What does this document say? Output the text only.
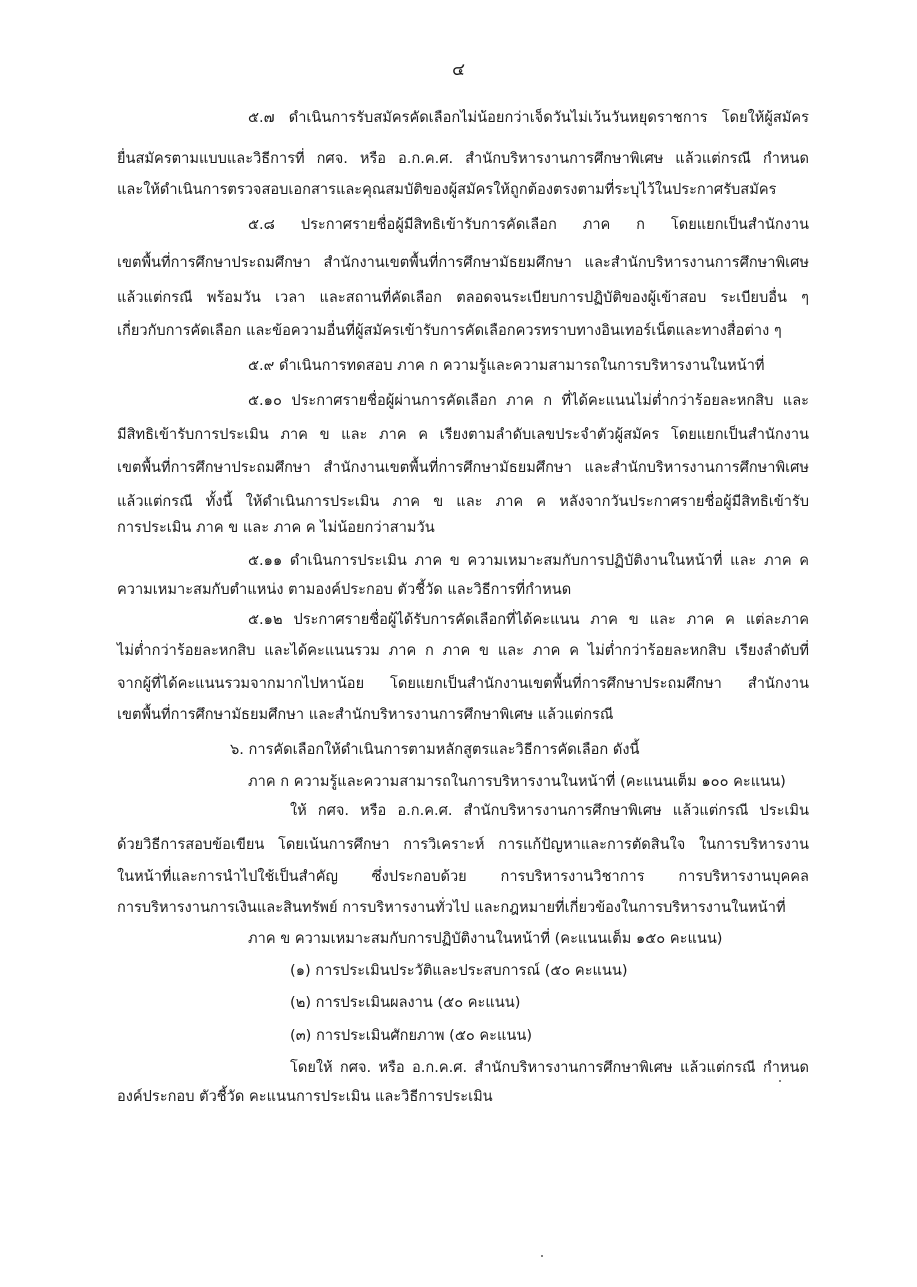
๔
๕.๗ ดำเนินการรับสมัครคัดเลือกไม่น้อยกว่าเจ็ดวันไม่เว้นวันหยุดราชการ โดยให้ผู้สมัคร
ยื่นสมัครตามแบบและวิธีการที่ กศจ. หรือ อ.ก.ค.ศ. สำนักบริหารงานการศึกษาพิเศษ แล้วแต่กรณี กำหนด
และให้ดำเนินการตรวจสอบเอกสารและคุณสมบัติของผู้สมัครให้ถูกต้องตรงตามที่ระบุไว้ในประกาศรับสมัคร
๕.๘ ประกาศรายชื่อผู้มีสิทธิเข้ารับการคัดเลือก ภาค ก โดยแยกเป็นสำนักงาน
เขตพื้นที่การศึกษาประถมศึกษา สำนักงานเขตพื้นที่การศึกษามัธยมศึกษา และสำนักบริหารงานการศึกษาพิเศษ
แล้วแต่กรณี พร้อมวัน เวลา และสถานที่คัดเลือก ตลอดจนระเบียบการปฏิบัติของผู้เข้าสอบ ระเบียบอื่น ๆ
เกี่ยวกับการคัดเลือก และข้อความอื่นที่ผู้สมัครเข้ารับการคัดเลือกควรทราบทางอินเทอร์เน็ตและทางสื่อต่าง ๆ
๕.๙ ดำเนินการทดสอบ ภาค ก ความรู้และความสามารถในการบริหารงานในหน้าที่
๕.๑๐ ประกาศรายชื่อผู้ผ่านการคัดเลือก ภาค ก ที่ได้คะแนนไม่ต่ำกว่าร้อยละหกสิบ และ
มีสิทธิเข้ารับการประเมิน ภาค ข และ ภาค ค เรียงตามลำดับเลขประจำตัวผู้สมัคร โดยแยกเป็นสำนักงาน
เขตพื้นที่การศึกษาประถมศึกษา สำนักงานเขตพื้นที่การศึกษามัธยมศึกษา และสำนักบริหารงานการศึกษาพิเศษ
แล้วแต่กรณี ทั้งนี้ ให้ดำเนินการประเมิน ภาค ข และ ภาค ค หลังจากวันประกาศรายชื่อผู้มีสิทธิเข้ารับ
การประเมิน ภาค ข และ ภาค ค ไม่น้อยกว่าสามวัน
๕.๑๑ ดำเนินการประเมิน ภาค ข ความเหมาะสมกับการปฏิบัติงานในหน้าที่ และ ภาค ค
ความเหมาะสมกับตำแหน่ง ตามองค์ประกอบ ตัวชี้วัด และวิธีการที่กำหนด
๕.๑๒ ประกาศรายชื่อผู้ได้รับการคัดเลือกที่ได้คะแนน ภาค ข และ ภาค ค แต่ละภาค
ไม่ต่ำกว่าร้อยละหกสิบ และได้คะแนนรวม ภาค ก ภาค ข และ ภาค ค ไม่ต่ำกว่าร้อยละหกสิบ เรียงลำดับที่
จากผู้ที่ได้คะแนนรวมจากมากไปหาน้อย โดยแยกเป็นสำนักงานเขตพื้นที่การศึกษาประถมศึกษา สำนักงาน
เขตพื้นที่การศึกษามัธยมศึกษา และสำนักบริหารงานการศึกษาพิเศษ แล้วแต่กรณี
๖. การคัดเลือกให้ดำเนินการตามหลักสูตรและวิธีการคัดเลือก ดังนี้
ภาค ก ความรู้และความสามารถในการบริหารงานในหน้าที่ (คะแนนเต็ม ๑๐๐ คะแนน)
ให้ กศจ. หรือ อ.ก.ค.ศ. สำนักบริหารงานการศึกษาพิเศษ แล้วแต่กรณี ประเมิน
ด้วยวิธีการสอบข้อเขียน โดยเน้นการศึกษา การวิเคราะห์ การแก้ปัญหาและการตัดสินใจ ในการบริหารงาน
ในหน้าที่และการนำไปใช้เป็นสำคัญ ซึ่งประกอบด้วย การบริหารงานวิชาการ การบริหารงานบุคคล
การบริหารงานการเงินและสินทรัพย์ การบริหารงานทั่วไป และกฎหมายที่เกี่ยวข้องในการบริหารงานในหน้าที่
ภาค ข ความเหมาะสมกับการปฏิบัติงานในหน้าที่ (คะแนนเต็ม ๑๕๐ คะแนน)
(๑) การประเมินประวัติและประสบการณ์ (๕๐ คะแนน)
(๒) การประเมินผลงาน (๕๐ คะแนน)
(๓) การประเมินศักยภาพ (๕๐ คะแนน)
โดยให้ กศจ. หรือ อ.ก.ค.ศ. สำนักบริหารงานการศึกษาพิเศษ แล้วแต่กรณี กำหนด
องค์ประกอบ ตัวชี้วัด คะแนนการประเมิน และวิธีการประเมิน
